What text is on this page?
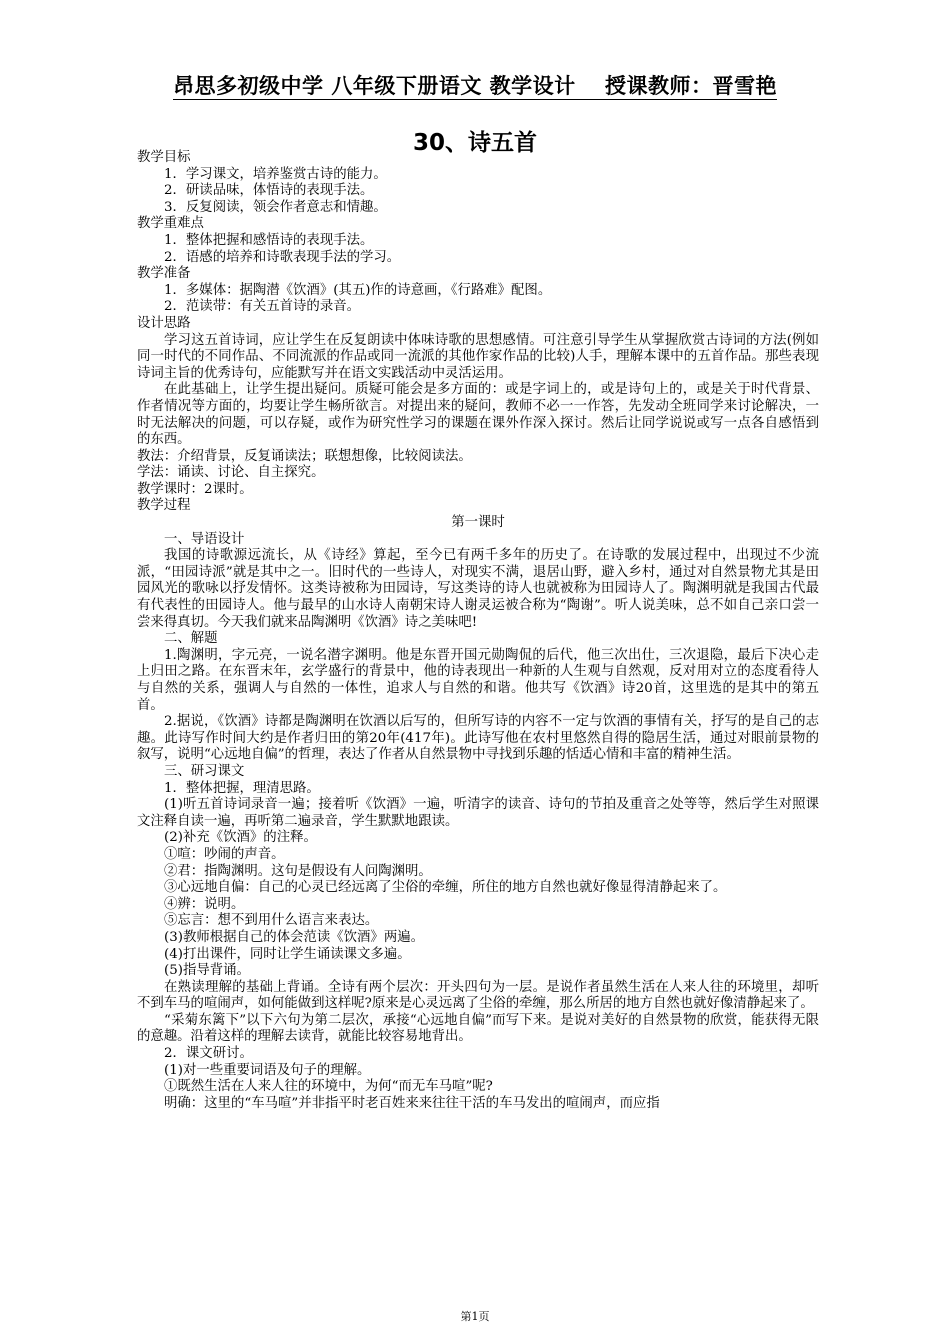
昂思多初级中学 八年级下册语文 教学设计　 授课教师：晋雪艳
30、诗五首

教学目标

1．学习课文，培养鉴赏古诗的能力。

2．研读品味，体悟诗的表现手法。

3．反复阅读，领会作者意志和情趣。

教学重难点

1．整体把握和感悟诗的表现手法。

2．语感的培养和诗歌表现手法的学习。

教学准备

1．多媒体：据陶潜《饮酒》(其五)作的诗意画，《行路难》配图。

2．范读带：有关五首诗的录音。

设计思路

学习这五首诗词，应让学生在反复朗读中体味诗歌的思想感情。可注意引导学生从掌握欣赏古诗词的方法(例如同一时代的不同作品、不同流派的作品或同一流派的其他作家作品的比较)人手，理解本课中的五首作品。那些表现诗词主旨的优秀诗句，应能默写并在语文实践活动中灵活运用。

在此基础上，让学生提出疑问。质疑可能会是多方面的：或是字词上的，或是诗句上的，或是关于时代背景、作者情况等方面的，均要让学生畅所欲言。对提出来的疑问，教师不必一一作答，先发动全班同学来讨论解决，一时无法解决的问题，可以存疑，或作为研究性学习的课题在课外作深入探讨。然后让同学说说或写一点各自感悟到的东西。

教法：介绍背景，反复诵读法；联想想像，比较阅读法。

学法：诵读、讨论、自主探究。

教学课时：2课时。

教学过程

第一课时

一、导语设计

我国的诗歌源远流长，从《诗经》算起，至今已有两千多年的历史了。在诗歌的发展过程中，出现过不少流派，“田园诗派”就是其中之一。旧时代的一些诗人，对现实不满，退居山野，避入乡村，通过对自然景物尤其是田园风光的歌咏以抒发情怀。这类诗被称为田园诗，写这类诗的诗人也就被称为田园诗人了。陶渊明就是我国古代最有代表性的田园诗人。他与最早的山水诗人南朝宋诗人谢灵运被合称为“陶谢”。听人说美味，总不如自己亲口尝一尝来得真切。今天我们就来品陶渊明《饮酒》诗之美味吧!

二、解题

1.陶渊明，字元亮，一说名潜字渊明。他是东晋开国元勋陶侃的后代，他三次出仕，三次退隐，最后下决心走上归田之路。在东晋末年，玄学盛行的背景中，他的诗表现出一种新的人生观与自然观，反对用对立的态度看待人与自然的关系，强调人与自然的一体性，追求人与自然的和谐。他共写《饮酒》诗20首，这里选的是其中的第五首。

2.据说，《饮酒》诗都是陶渊明在饮酒以后写的，但所写诗的内容不一定与饮酒的事情有关，抒写的是自己的志趣。此诗写作时间大约是作者归田的第20年(417年)。此诗写他在农村里悠然自得的隐居生活，通过对眼前景物的叙写，说明“心远地自偏”的哲理，表达了作者从自然景物中寻找到乐趣的恬适心情和丰富的精神生活。

三、研习课文

1．整体把握，理清思路。

(1)听五首诗词录音一遍；接着听《饮酒》一遍，听清字的读音、诗句的节拍及重音之处等等，然后学生对照课文注释自读一遍，再听第二遍录音，学生默默地跟读。

(2)补充《饮酒》的注释。

①喧：吵闹的声音。

②君：指陶渊明。这句是假设有人问陶渊明。

③心远地自偏：自己的心灵已经远离了尘俗的牵缠，所住的地方自然也就好像显得清静起来了。

④辨：说明。

⑤忘言：想不到用什么语言来表达。

(3)教师根据自己的体会范读《饮酒》两遍。

(4)打出课件，同时让学生诵读课文多遍。

(5)指导背诵。

在熟读理解的基础上背诵。全诗有两个层次：开头四句为一层。是说作者虽然生活在人来人往的环境里，却听不到车马的喧闹声，如何能做到这样呢?原来是心灵远离了尘俗的牵缠，那么所居的地方自然也就好像清静起来了。

“采菊东篱下”以下六句为第二层次，承接“心远地自偏”而写下来。是说对美好的自然景物的欣赏，能获得无限的意趣。沿着这样的理解去读背，就能比较容易地背出。

2．课文研讨。

(1)对一些重要词语及句子的理解。

①既然生活在人来人往的环境中，为何“而无车马喧”呢?

明确：这里的“车马喧”并非指平时老百姓来来往往干活的车马发出的喧闹声，而应指

第1页
